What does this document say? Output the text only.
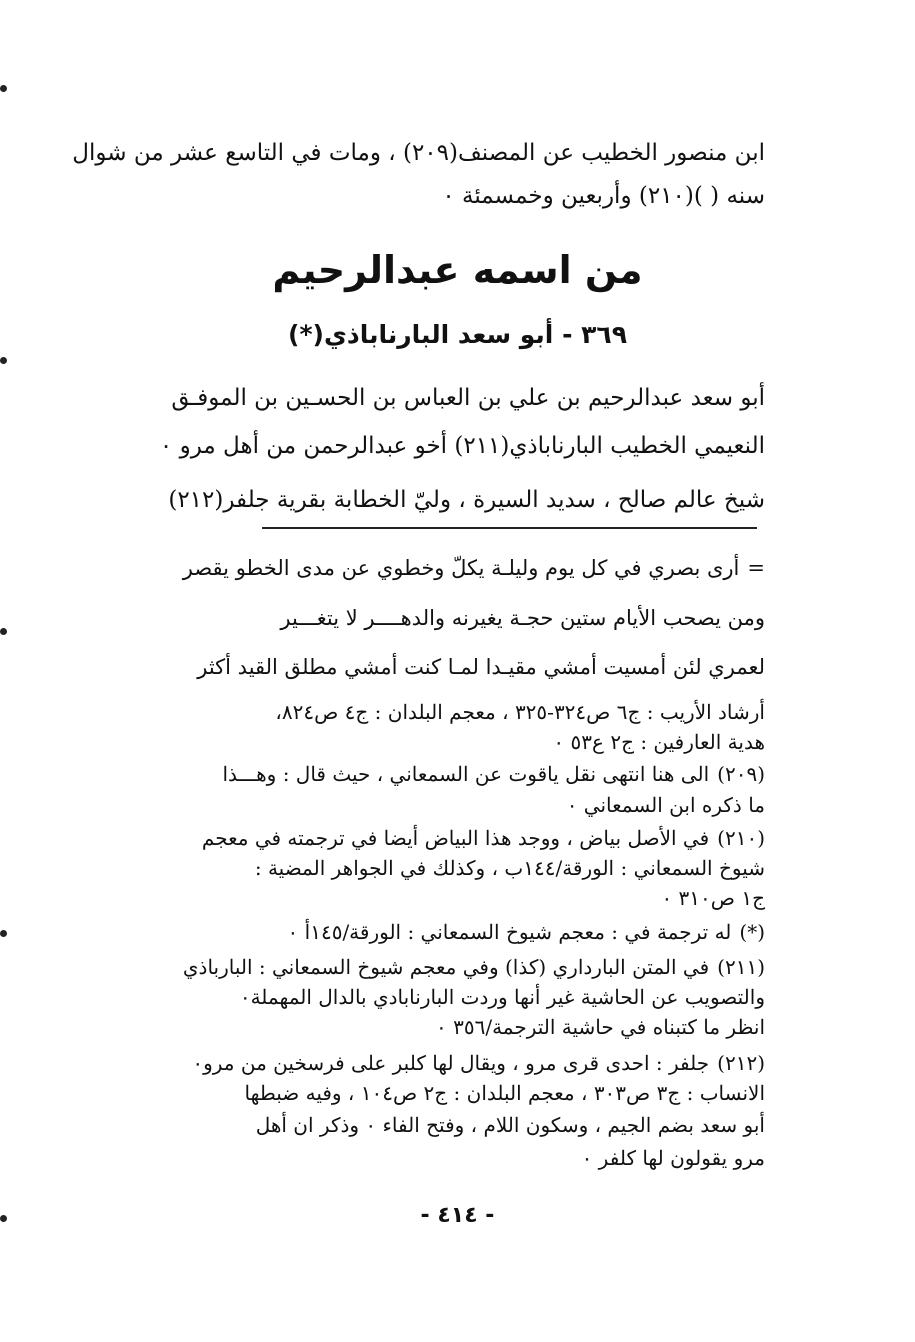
ابن منصور الخطيب عن المصنف(٢٠٩) ، ومات في التاسع عشر من شوال
سنه ( )(٢١٠) وأربعين وخمسمئة ٠
من اسمه عبدالرحيم
٣٦٩ - أبو سعد البارناباذي(*)
أبو سعد عبدالرحيم بن علي بن العباس بن الحسـين بن الموفـق
النعيمي الخطيب البارناباذي(٢١١) أخو عبدالرحمن من أهل مرو ٠
شيخ عالم صالح ، سديد السيرة ، وليّ الخطابة بقرية جلفر(٢١٢)
=أرى بصري في كل يوم وليلـة يكلّ وخطوي عن مدى الخطو يقصر
ومن يصحب الأيام ستين حجـة يغيرنه والدهــــر لا يتغـــير
لعمري لئن أمسيت أمشي مقيـدا لمـا كنت أمشي مطلق القيد أكثر
أرشاد الأريب : ج٦ ص٣٢٤-٣٢٥ ، معجم البلدان : ج٤ ص٨٢٤،
هدية العارفين : ج٢ ع٥٣ ٠
(٢٠٩)الى هنا انتهى نقل ياقوت عن السمعاني ، حيث قال : وهـــذا
ما ذكره ابن السمعاني ٠
(٢١٠)في الأصل بياض ، ووجد هذا البياض أيضا في ترجمته في معجم
شيوخ السمعاني : الورقة/١٤٤ب ، وكذلك في الجواهر المضية :
ج١ ص٣١٠ ٠
(*)له ترجمة في : معجم شيوخ السمعاني : الورقة/١٤٥أ ٠
(٢١١)في المتن البارداري (كذا) وفي معجم شيوخ السمعاني : البارباذي
والتصويب عن الحاشية غير أنها وردت البارنابادي بالدال المهملة٠
انظر ما كتبناه في حاشية الترجمة/٣٥٦ ٠
(٢١٢)جلفر : احدى قرى مرو ، ويقال لها كلبر على فرسخين من مرو٠
الانساب : ج٣ ص٣٠٣ ، معجم البلدان : ج٢ ص١٠٤ ، وفيه ضبطها
أبو سعد بضم الجيم ، وسكون اللام ، وفتح الفاء ٠ وذكر ان أهل
مرو يقولون لها كلفر ٠
- ٤١٤ -
